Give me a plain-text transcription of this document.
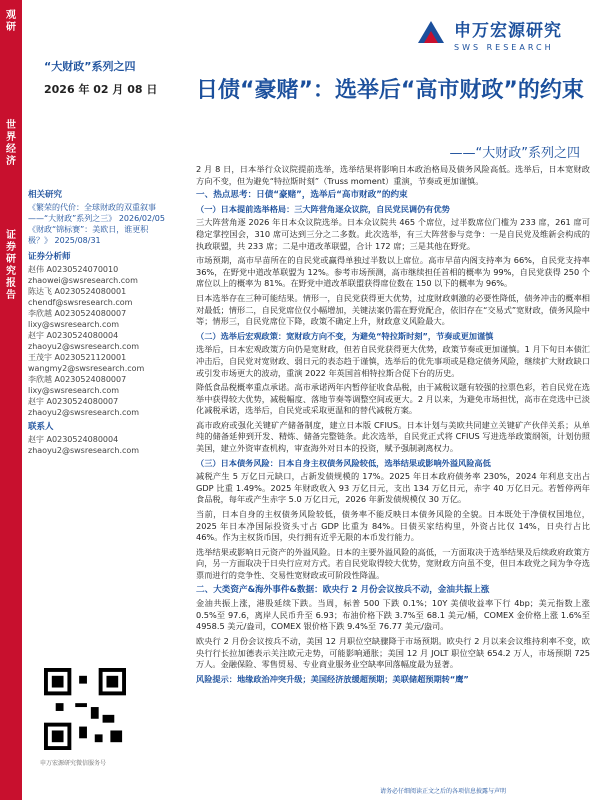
观研
世界经济
证券研究报告
申万宏源研究
SWS RESEARCH
“大财政”系列之四
2026 年 02 月 08 日 日债“豪赌”：选举后“高市财政”的约束
——“大财政”系列之四
相关研究
《繁荣的代价：全球财政的双重叙事——“大财政”系列之三》 2026/02/05
《财政“锦标赛”：美欧日，谁更积极？》 2025/08/31
证券分析师
赵伟 A0230524070010
zhaowei@swsresearch.com
陈达飞 A0230524080001
chendf@swsresearch.com
李欣越 A0230524080007
lixy@swsresearch.com
赵宇 A0230524080004
zhaoyu2@swsresearch.com
王茂宇 A0230521120001
wangmy2@swsresearch.com
李欣越 A0230524080007
lixy@swsresearch.com
赵宇 A0230524080007
zhaoyu2@swsresearch.com
联系人
赵宇 A0230524080004
zhaoyu2@swsresearch.com

2 月 8 日，日本举行众议院提前选举，选举结果将影响日本政治格局及债务风险高低。选举后，日本宽财政方向不变，但为避免“特拉斯时刻”（Truss moment）重演，节奏或更加谨慎。

一、热点思考：日债“豪赌”，选举后“高市财政”的约束
（一）日本提前选举格局：三大阵营角逐众议院，自民党民调仍有优势

三大阵营角逐 2026 年日本众议院选举。日本众议院共 465 个席位，过半数席位门槛为 233 席，261 席可稳定掌控国会，310 席可达到三分之二多数。此次选举，有三大阵营参与竞争：一是自民党及维新会构成的执政联盟，共 233 席；二是中道改革联盟，合计 172 席；三是其他在野党。

市场预期，高市早苗所在的自民党或赢得单独过半数以上席位。高市早苗内阁支持率为 66%，自民党支持率 36%，在野党中道改革联盟为 12%。参考市场预测，高市继续担任首相的概率为 99%，自民党获得 250 个席位以上的概率为 81%。在野党中道改革联盟获得席位数在 150 以下的概率为 96%。

日本选举存在三种可能结果。情形一，自民党获得更大优势，过度财政刺激的必要性降低，债务冲击的概率相对最低；情形二，自民党席位仅小幅增加，关键法案仍需在野党配合，依旧存在“交易式”宽财政，债务风险中等；情形三，自民党席位下降，政策不确定上升，财政意义风险最大。

（二）选举后宏观政策：宽财政方向不变，为避免“特拉斯时刻”，节奏或更加谨慎

选举后，日本宏观政策方向仍是宽财政，但若自民党获得更大优势，政策节奏或更加谨慎。1 月下旬日本债汇冲击后，自民党对宽财政、弱日元的表态趋于谨慎，选举后的优先事项或是稳定债务风险，继续扩大财政缺口或引发市场更大的波动，重演 2022 年英国首相特拉斯合促下台的历史。

降低食品税概率重点承诺。高市承诺两年内暂停征收食品税，由于减税议题有较强的拉票色彩，若自民党在选举中获得较大优势，减税幅度、落地节奏等调整空间或更大。2 月以来，为避免市场担忧，高市在竞选中已淡化减税承诺，选举后，自民党或采取更温和的替代减税方案。

高市政府或强化关键矿产储备制度，建立日本版 CFIUS。日本计划与美欧共同建立关键矿产伙伴关系；从单纯的储备延伸到开发、精炼、储备完整链条。此次选举，自民党正式将 CFIUS 写进选举政策纲领，计划仿照美国，建立外资审查机构，审查海外对日本的投资，赋予强制剥离权力。

（三）日本债务风险：日本自身主权债务风险较低，选举结果或影响外溢风险高低

减税产生 5 万亿日元缺口，占新发债规模的 17%。2025 年日本政府债务率 230%，2024 年利息支出占 GDP 比重 1.49%。2025 年财政收入 93 万亿日元，支出 134 万亿日元，赤字 40 万亿日元。若暂停两年食品税，每年或产生赤字 5.0 万亿日元，2026 年新发债规模仅 30 万亿。

当前，日本自身的主权债务风险较低，债务率不能反映日本债务风险的全貌。日本既处于净债权国地位，2025 年日本净国际投资头寸占 GDP 比重为 84%。日债买家结构里，外资占比仅 14%，日央行占比 46%。作为主权货币国，央行拥有近乎无限的本币发行能力。

选举结果或影响日元资产的外溢风险。日本的主要外溢风险的高低，一方面取决于选举结果及后续政府政策方向，另一方面取决于日央行应对方式。若自民党取得较大优势，宽财政方向虽不变，但日本政党之间为争夺选票而进行的竞争性、交易性宽财政或可阶段性降温。

二、大类资产&海外事件&数据：欧央行 2 月份会议按兵不动，金油共振上涨

金油共振上涨，港股延续下跌。当周，标普 500 下跌 0.1%；10Y 美债收益率下行 4bp；美元指数上涨 0.5%至 97.6，离岸人民币升至 6.93；布油价格下跌 3.7%至 68.1 美元/桶，COMEX 金价格上涨 1.6%至 4958.5 美元/盎司，COMEX 银价格下跌 9.4%至 76.77 美元/盎司。

欧央行 2 月份会议按兵不动，美国 12 月职位空缺骤降于市场预期。欧央行 2 月以来会议维持利率不变，欧央行行长拉加德表示关注欧元走势，可能影响通胀；美国 12 月 JOLT 职位空缺 654.2 万人，市场预期 725 万人。金融保险、零售贸易、专业商业服务业空缺率回落幅度最为显著。

风险提示：地缘政治冲突升级；美国经济放缓超预期；美联储超预期转“鹰”

申万宏源研究微信服务号
请务必仔细阅读正文之后的各项信息披露与声明
